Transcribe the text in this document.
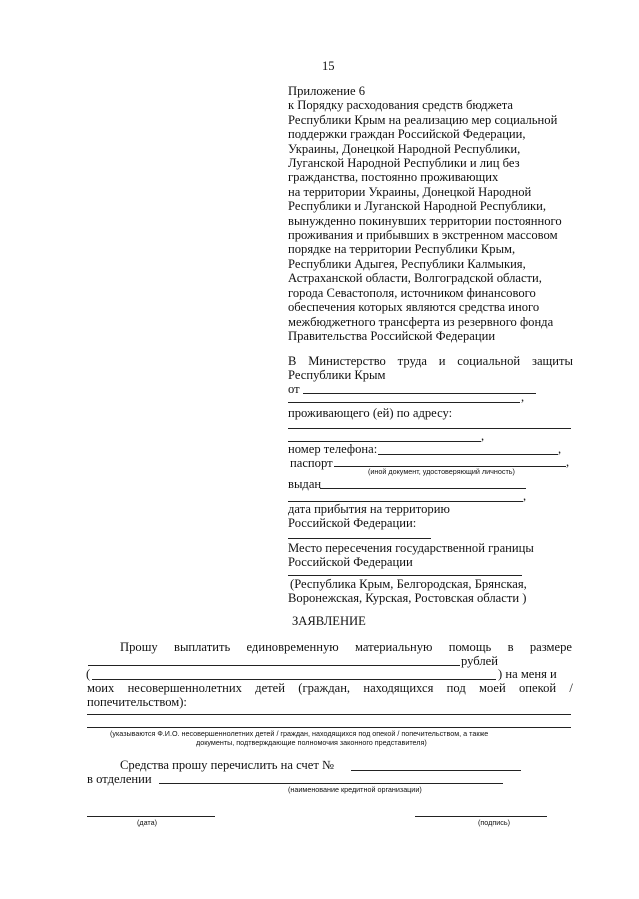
15
Приложение 6
к Порядку расходования средств бюджета
Республики Крым на реализацию мер социальной
поддержки граждан Российской Федерации,
Украины, Донецкой Народной Республики,
Луганской Народной Республики и лиц без
гражданства, постоянно проживающих
на территории Украины, Донецкой Народной
Республики и Луганской Народной Республики,
вынужденно покинувших территории постоянного
проживания и прибывших в экстренном массовом
порядке на территории Республики Крым,
Республики Адыгея, Республики Калмыкия,
Астраханской области, Волгоградской области,
города Севастополя, источником финансового
обеспечения которых являются средства иного
межбюджетного трансферта из резервного фонда
Правительства Российской Федерации
В Министерство труда и социальной защиты
Республики Крым
от
,
проживающего (ей) по адресу:
,
номер телефона:	,
паспорт	,
(иной документ, удостоверяющий личность)
выдан
,
дата прибытия на территорию
Российской Федерации:
Место пересечения государственной границы
Российской Федерации
(Республика Крым, Белгородская, Брянская,
Воронежская, Курская, Ростовская области )
ЗАЯВЛЕНИЕ
Прошу выплатить единовременную материальную помощь в размере
рублей
(	) на меня и
моих несовершеннолетних детей (граждан, находящихся под моей опекой /
попечительством):
(указываются Ф.И.О. несовершеннолетних детей / граждан, находящихся под опекой / попечительством, а также
документы, подтверждающие полномочия законного представителя)
Средства прошу перечислить на счет №
в отделении
(наименование кредитной организации)
(дата)	(подпись)
